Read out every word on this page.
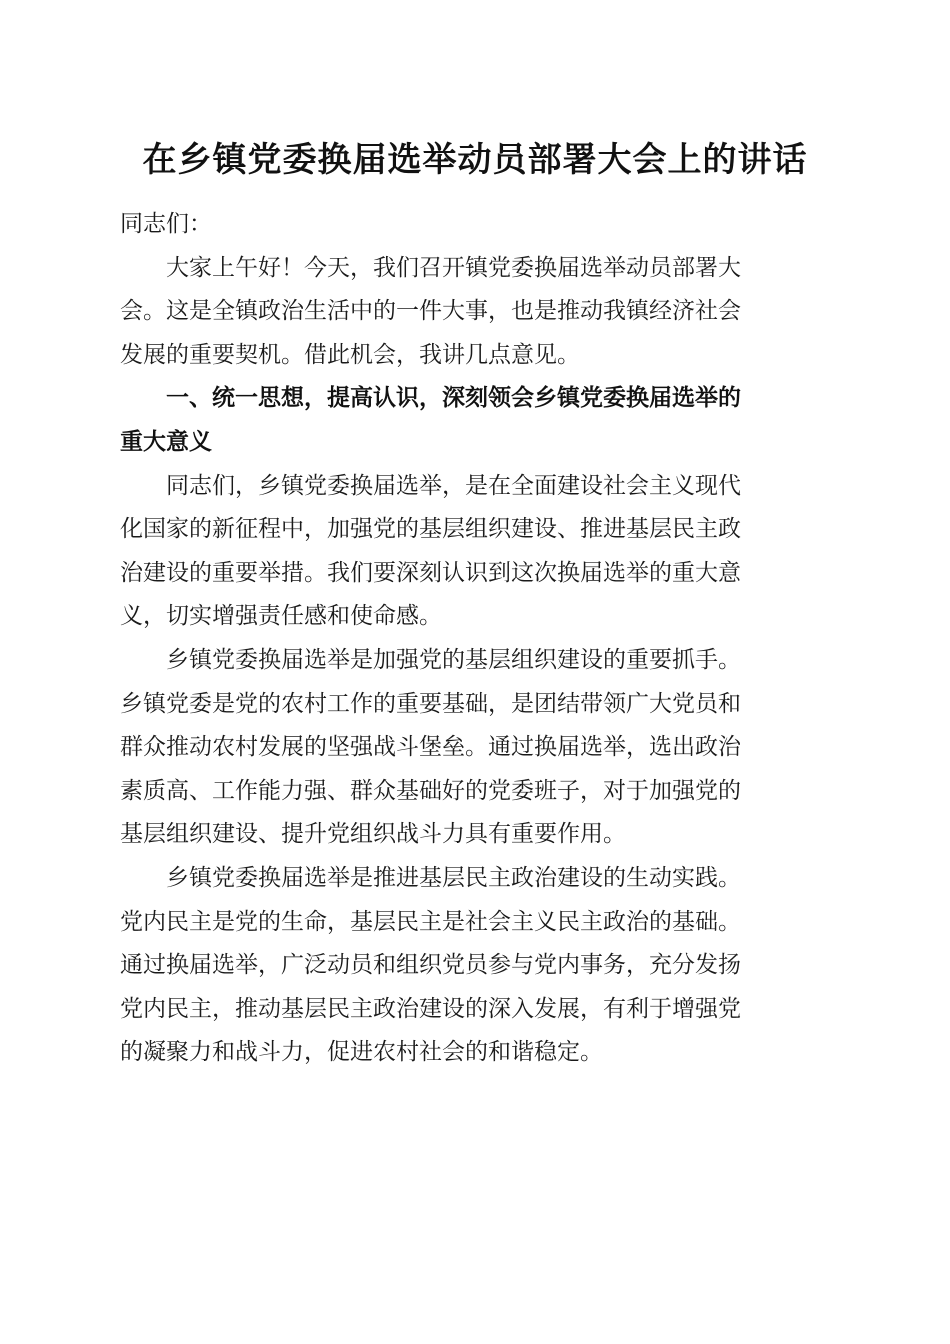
在乡镇党委换届选举动员部署大会上的讲话

同志们：

大家上午好！今天，我们召开镇党委换届选举动员部署大
会。这是全镇政治生活中的一件大事，也是推动我镇经济社会
发展的重要契机。借此机会，我讲几点意见。

一、统一思想，提高认识，深刻领会乡镇党委换届选举的
重大意义

同志们，乡镇党委换届选举，是在全面建设社会主义现代
化国家的新征程中，加强党的基层组织建设、推进基层民主政
治建设的重要举措。我们要深刻认识到这次换届选举的重大意
义，切实增强责任感和使命感。

乡镇党委换届选举是加强党的基层组织建设的重要抓手。
乡镇党委是党的农村工作的重要基础，是团结带领广大党员和
群众推动农村发展的坚强战斗堡垒。通过换届选举，选出政治
素质高、工作能力强、群众基础好的党委班子，对于加强党的
基层组织建设、提升党组织战斗力具有重要作用。

乡镇党委换届选举是推进基层民主政治建设的生动实践。
党内民主是党的生命，基层民主是社会主义民主政治的基础。
通过换届选举，广泛动员和组织党员参与党内事务，充分发扬
党内民主，推动基层民主政治建设的深入发展，有利于增强党
的凝聚力和战斗力，促进农村社会的和谐稳定。
